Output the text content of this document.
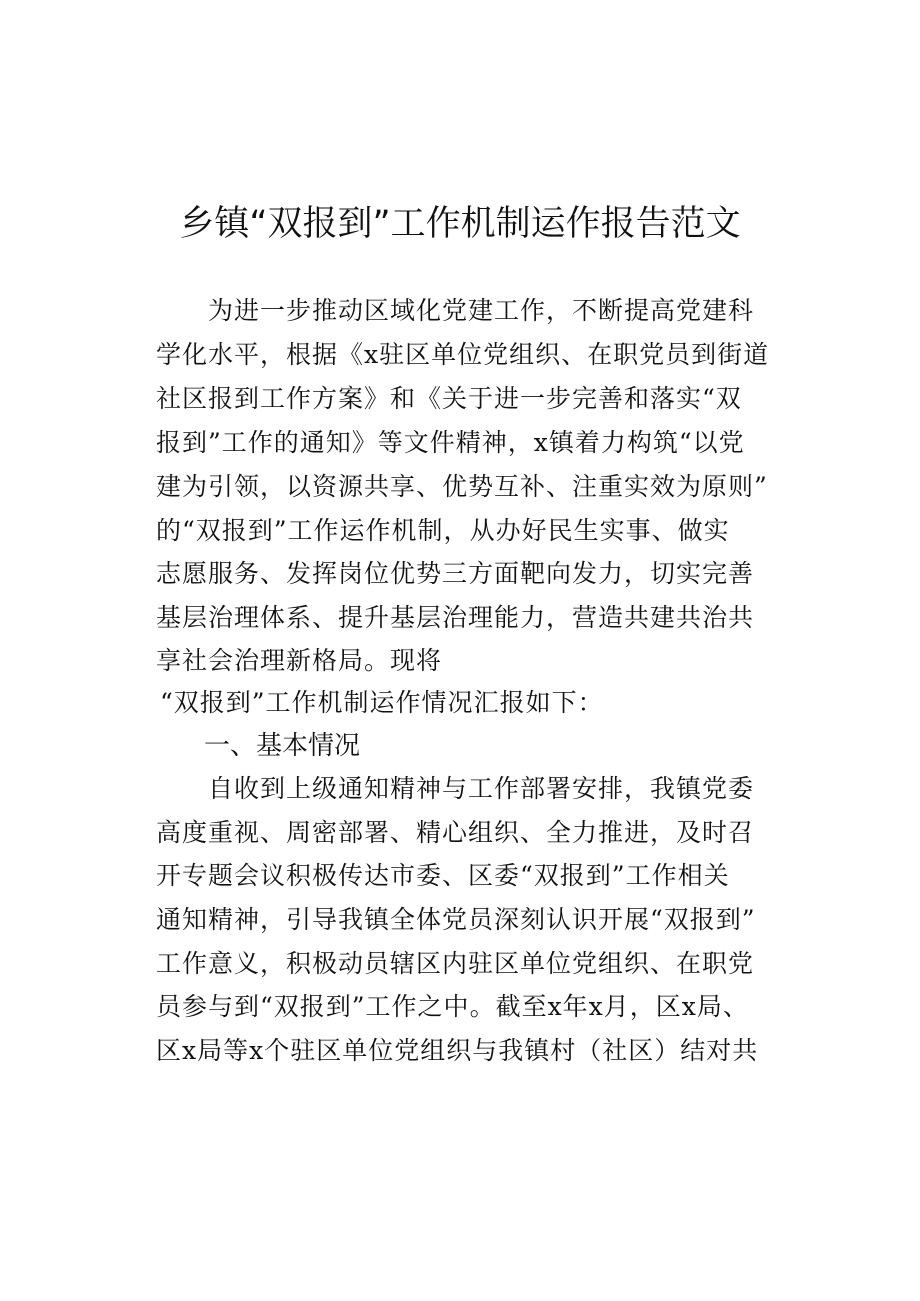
乡镇“双报到”工作机制运作报告范文
为进一步推动区域化党建工作，不断提高党建科
学化水平，根据《x驻区单位党组织、在职党员到街道
社区报到工作方案》和《关于进一步完善和落实“双
报到”工作的通知》等文件精神，x镇着力构筑“以党
建为引领，以资源共享、优势互补、注重实效为原则”
的“双报到”工作运作机制，从办好民生实事、做实
志愿服务、发挥岗位优势三方面靶向发力，切实完善
基层治理体系、提升基层治理能力，营造共建共治共
享社会治理新格局。现将
“双报到”工作机制运作情况汇报如下：
一、基本情况
自收到上级通知精神与工作部署安排，我镇党委
高度重视、周密部署、精心组织、全力推进，及时召
开专题会议积极传达市委、区委“双报到”工作相关
通知精神，引导我镇全体党员深刻认识开展“双报到”
工作意义，积极动员辖区内驻区单位党组织、在职党
员参与到“双报到”工作之中。截至x年x月，区x局、
区x局等x个驻区单位党组织与我镇村（社区）结对共
